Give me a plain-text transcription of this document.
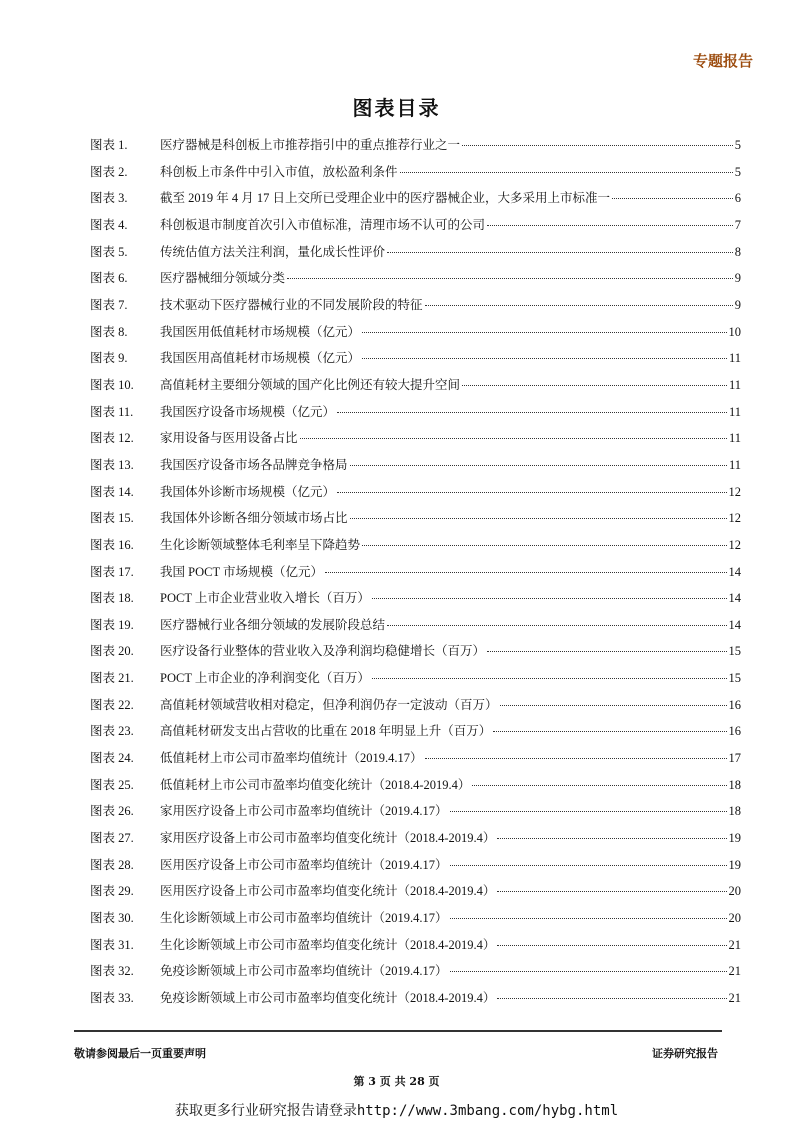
专题报告
图表目录
图表 1.	医疗器械是科创板上市推荐指引中的重点推荐行业之一	5
图表 2.	科创板上市条件中引入市值，放松盈利条件	5
图表 3.	截至 2019 年 4 月 17 日上交所已受理企业中的医疗器械企业，大多采用上市标准一	6
图表 4.	科创板退市制度首次引入市值标准，清理市场不认可的公司	7
图表 5.	传统估值方法关注利润，量化成长性评价	8
图表 6.	医疗器械细分领域分类	9
图表 7.	技术驱动下医疗器械行业的不同发展阶段的特征	9
图表 8.	我国医用低值耗材市场规模（亿元）	10
图表 9.	我国医用高值耗材市场规模（亿元）	11
图表 10.	高值耗材主要细分领域的国产化比例还有较大提升空间	11
图表 11.	我国医疗设备市场规模（亿元）	11
图表 12.	家用设备与医用设备占比	11
图表 13.	我国医疗设备市场各品牌竞争格局	11
图表 14.	我国体外诊断市场规模（亿元）	12
图表 15.	我国体外诊断各细分领域市场占比	12
图表 16.	生化诊断领域整体毛利率呈下降趋势	12
图表 17.	我国 POCT 市场规模（亿元）	14
图表 18.	POCT 上市企业营业收入增长（百万）	14
图表 19.	医疗器械行业各细分领域的发展阶段总结	14
图表 20.	医疗设备行业整体的营业收入及净利润均稳健增长（百万）	15
图表 21.	POCT 上市企业的净利润变化（百万）	15
图表 22.	高值耗材领域营收相对稳定，但净利润仍存一定波动（百万）	16
图表 23.	高值耗材研发支出占营收的比重在 2018 年明显上升（百万）	16
图表 24.	低值耗材上市公司市盈率均值统计（2019.4.17）	17
图表 25.	低值耗材上市公司市盈率均值变化统计（2018.4-2019.4）	18
图表 26.	家用医疗设备上市公司市盈率均值统计（2019.4.17）	18
图表 27.	家用医疗设备上市公司市盈率均值变化统计（2018.4-2019.4）	19
图表 28.	医用医疗设备上市公司市盈率均值统计（2019.4.17）	19
图表 29.	医用医疗设备上市公司市盈率均值变化统计（2018.4-2019.4）	20
图表 30.	生化诊断领域上市公司市盈率均值统计（2019.4.17）	20
图表 31.	生化诊断领域上市公司市盈率均值变化统计（2018.4-2019.4）	21
图表 32.	免疫诊断领域上市公司市盈率均值统计（2019.4.17）	21
图表 33.	免疫诊断领域上市公司市盈率均值变化统计（2018.4-2019.4）	21
敬请参阅最后一页重要声明	证券研究报告
第 3 页 共 28 页
获取更多行业研究报告请登录http://www.3mbang.com/hybg.html
